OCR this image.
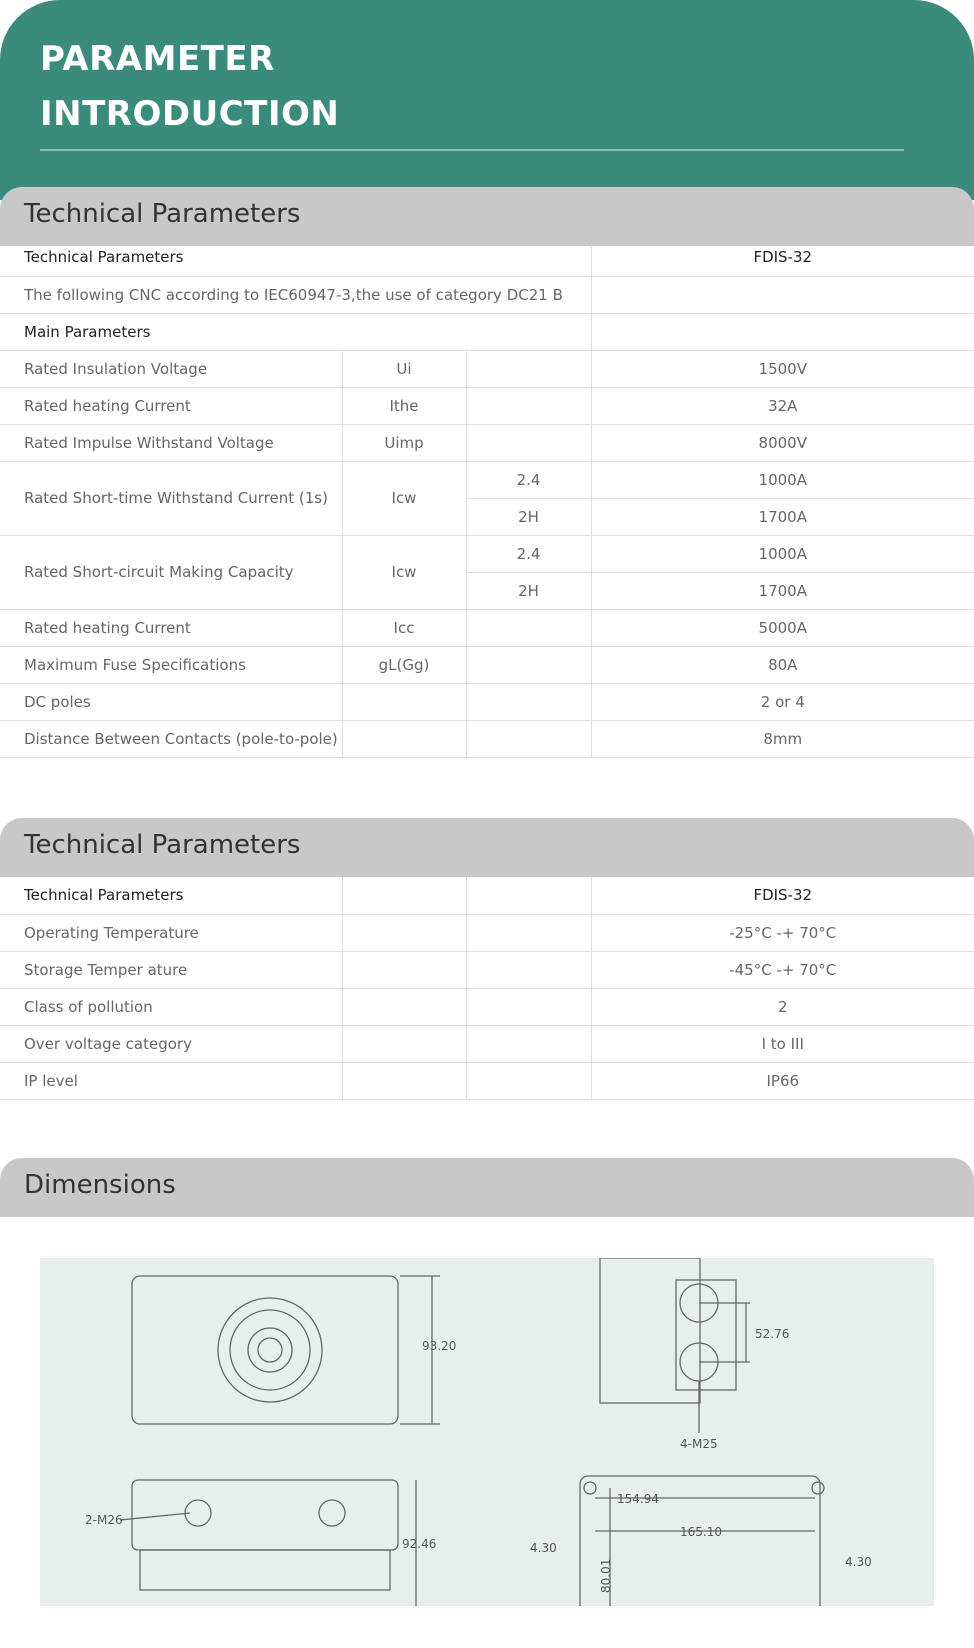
PARAMETER
INTRODUCTION
Technical Parameters
Technical Parameters			FDIS-32
The following CNC according to IEC60947-3,the use of category DC21 B			
Main Parameters			
Rated Insulation Voltage	Ui		1500V
Rated heating Current	Ithe		32A
Rated Impulse Withstand Voltage	Uimp		8000V
Rated Short-time Withstand Current (1s)	Icw	2.4	1000A
		2H	1700A
Rated Short-circuit Making Capacity	Icw	2.4	1000A
		2H	1700A
Rated heating Current	Icc		5000A
Maximum Fuse Specifications	gL(Gg)		80A
DC poles			2 or 4
Distance Between Contacts (pole-to-pole)			8mm
Technical Parameters
Technical Parameters			FDIS-32
Operating Temperature			-25°C -+ 70°C
Storage Temper ature			-45°C -+ 70°C
Class of pollution			2
Over voltage category			I to III
IP level			IP66
Dimensions
93.20
52.76
4-M25
2-M26
92.46
154.94
165.10
4.30
4.30
80.01
